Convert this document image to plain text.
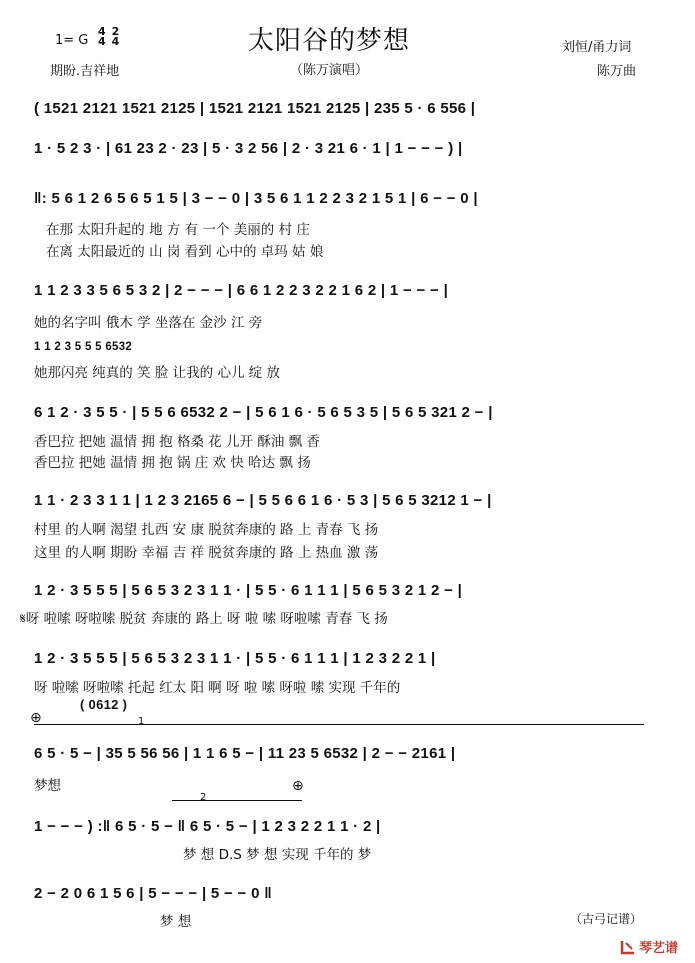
1= G
4
4
2
4	太阳谷的梦想	刘恒/甬力词
期盼.吉祥地	（陈万演唱）	陈万曲
( 1521 2121 1521 2125 | 1521 2121 1521 2125 | 235 5 · 6 556 |
1 · 5 2 3 · | 61 23 2 · 23 | 5 · 3 2 56 | 2 · 3 21 6 · 1 | 1 − − − ) |
‖: 5 6 1 2 6 5 6 5 1 5 | 3 − − 0 | 3 5 6 1 1 2 2 3 2 1 5 1 | 6 − − 0 |
在那 太阳升起的 地 方 有 一个 美丽的 村 庄
在离 太阳最近的 山 岗 看到 心中的 卓玛 姑 娘
1 1 2 3 3 5 6 5 3 2 | 2 − − − | 6 6 1 2 2 3 2 2 1 6 2 | 1 − − − |
她的名字叫 俄木 学 坐落在 金沙 江 旁
1 1 2 3 5 5 5 6532
她那闪亮 纯真的 笑 脸 让我的 心儿 绽 放
6 1 2 · 3 5 5 · | 5 5 6 6532 2 − | 5 6 1 6 · 5 6 5 3 5 | 5 6 5 321 2 − |
香巴拉 把她 温情 拥 抱 格桑 花 儿开 酥油 飘 香
香巴拉 把她 温情 拥 抱 锅 庄 欢 快 哈达 飘 扬
1 1 · 2 3 3 1 1 | 1 2 3 2165 6 − | 5 5 6 6 1 6 · 5 3 | 5 6 5 3212 1 − |
村里 的人啊 渴望 扎西 安 康 脱贫奔康的 路 上 青春 飞 扬
这里 的人啊 期盼 幸福 吉 祥 脱贫奔康的 路 上 热血 激 荡
1 2 · 3 5 5 5 | 5 6 5 3 2 3 1 1 · | 5 5 · 6 1 1 1 | 5 6 5 3 2 1 2 − |
𝄋呀 啦嗦 呀啦嗦 脱贫 奔康的 路上 呀 啦 嗦 呀啦嗦 青春 飞 扬
1 2 · 3 5 5 5 | 5 6 5 3 2 3 1 1 · | 5 5 · 6 1 1 1 | 1 2 3 2 2 1 |
呀 啦嗦 呀啦嗦 托起 红太 阳 啊 呀 啦 嗦 呀啦 嗦 实现 千年的
⊕
( 0612 )
1
6 5 · 5 − | 35 5 56 56 | 1 1 6 5 − | 11 23 5 6532 | 2 − − 2161 |
梦想
2
⊕
1 − − − ) :‖ 6 5 · 5 − ‖ 6 5 · 5 − | 1 2 3 2 2 1 1 · 2 |
梦 想 D.S 梦 想 实现 千年的 梦
2 − 2 0 6 1 5 6 | 5 − − − | 5 − − 0 ‖
梦 想	（古弓记谱）
琴艺谱
